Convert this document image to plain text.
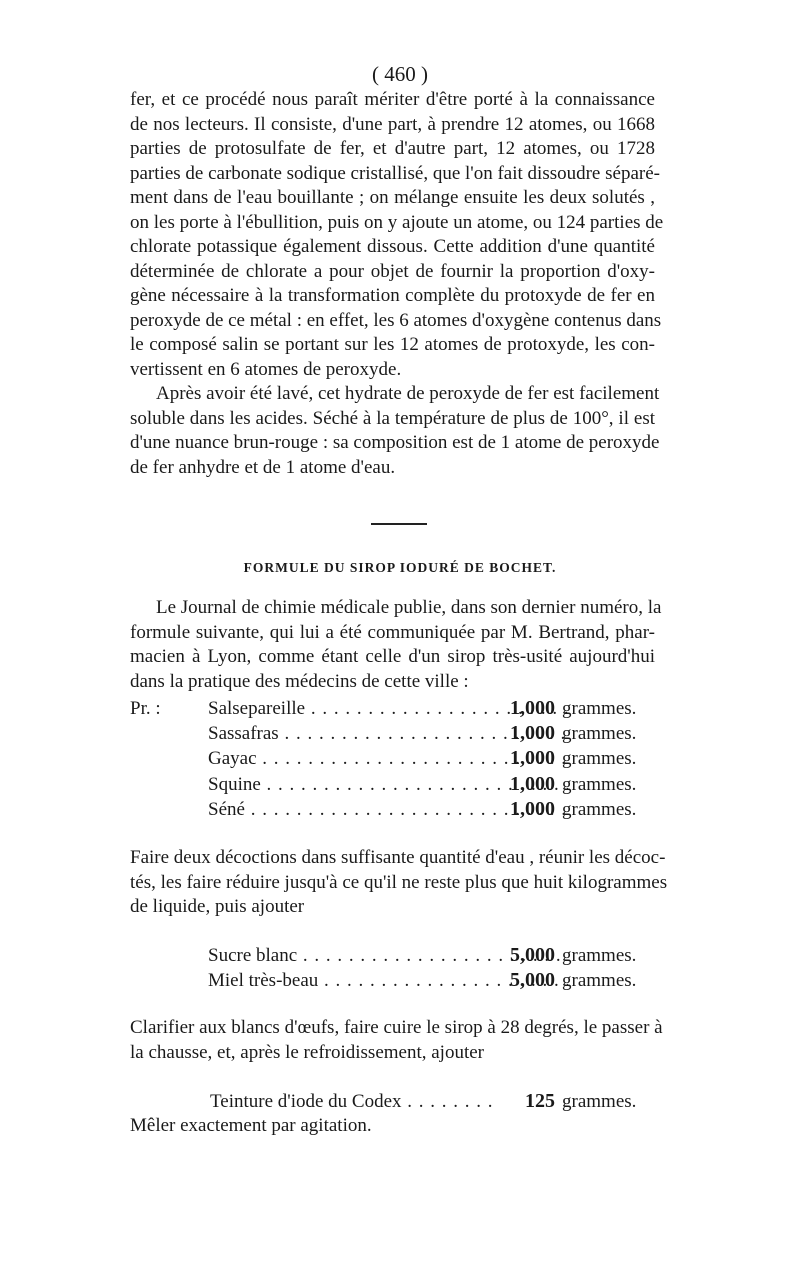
( 460 )
fer, et ce procédé nous paraît mériter d'être porté à la connaissance
de nos lecteurs. Il consiste, d'une part, à prendre 12 atomes, ou 1668
parties de protosulfate de fer, et d'autre part, 12 atomes, ou 1728
parties de carbonate sodique cristallisé, que l'on fait dissoudre séparé-
ment dans de l'eau bouillante ; on mélange ensuite les deux solutés ,
on les porte à l'ébullition, puis on y ajoute un atome, ou 124 parties de
chlorate potassique également dissous. Cette addition d'une quantité
déterminée de chlorate a pour objet de fournir la proportion d'oxy-
gène nécessaire à la transformation complète du protoxyde de fer en
peroxyde de ce métal : en effet, les 6 atomes d'oxygène contenus dans
le composé salin se portant sur les 12 atomes de protoxyde, les con-
vertissent en 6 atomes de peroxyde.
Après avoir été lavé, cet hydrate de peroxyde de fer est facilement
soluble dans les acides. Séché à la température de plus de 100°, il est
d'une nuance brun-rouge : sa composition est de 1 atome de peroxyde
de fer anhydre et de 1 atome d'eau.
FORMULE DU SIROP IODURÉ DE BOCHET.
Le Journal de chimie médicale publie, dans son dernier numéro, la
formule suivante, qui lui a été communiquée par M. Bertrand, phar-
macien à Lyon, comme étant celle d'un sirop très-usité aujourd'hui
dans la pratique des médecins de cette ville :
Pr. : Salsepareille . . .	1,000 grammes.
Sassafras . . .	1,000 grammes.
Gayac . . .	1,000 grammes.
Squine . . .	1,000 grammes.
Séné . . .	1,000 grammes.
Faire deux décoctions dans suffisante quantité d'eau , réunir les décoc-
tés, les faire réduire jusqu'à ce qu'il ne reste plus que huit kilogrammes
de liquide, puis ajouter
Sucre blanc . . .	5,000 grammes.
Miel très-beau . . .	5,000 grammes.
Clarifier aux blancs d'œufs, faire cuire le sirop à 28 degrés, le passer à
la chausse, et, après le refroidissement, ajouter
Teinture d'iode du Codex . . .	125 grammes.
Mêler exactement par agitation.
